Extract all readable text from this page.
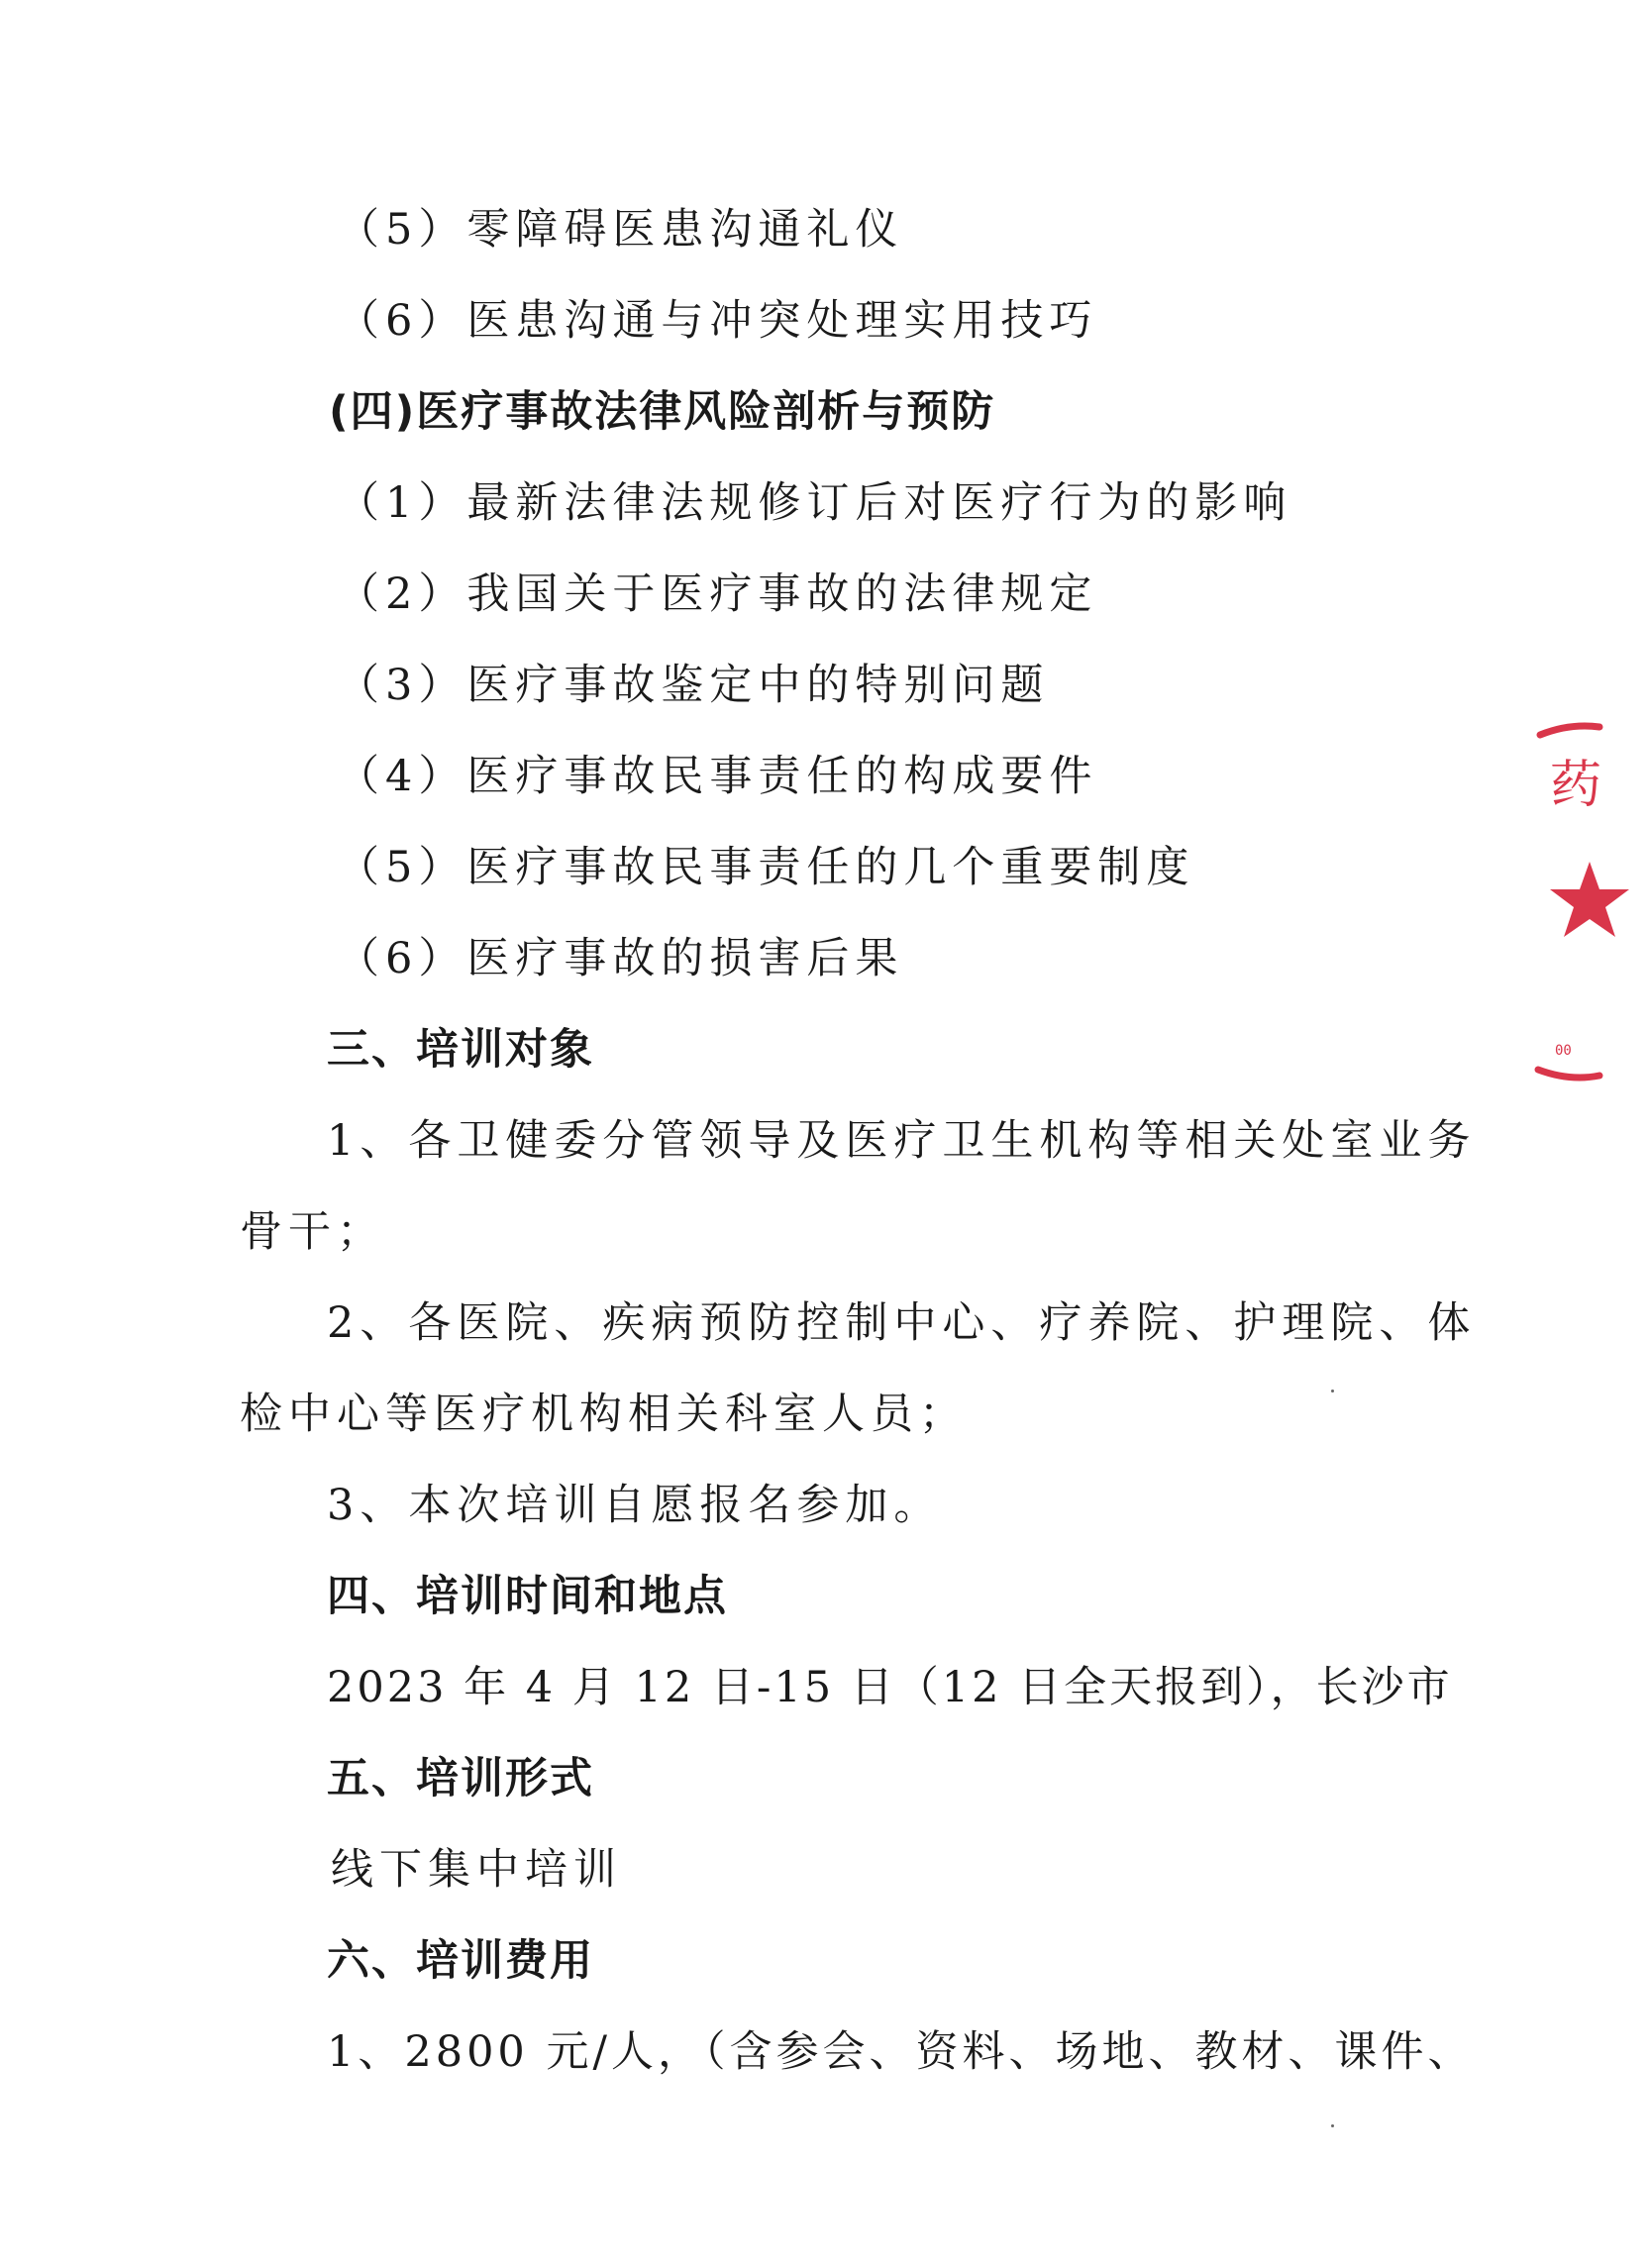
（5）零障碍医患沟通礼仪
（6）医患沟通与冲突处理实用技巧
(四)医疗事故法律风险剖析与预防
（1）最新法律法规修订后对医疗行为的影响
（2）我国关于医疗事故的法律规定
（3）医疗事故鉴定中的特别问题
（4）医疗事故民事责任的构成要件
（5）医疗事故民事责任的几个重要制度
（6）医疗事故的损害后果
三、培训对象
1、各卫健委分管领导及医疗卫生机构等相关处室业务
骨干；
2、各医院、疾病预防控制中心、疗养院、护理院、体
检中心等医疗机构相关科室人员；
3、本次培训自愿报名参加。
四、培训时间和地点
2023 年 4 月 12 日-15 日（12 日全天报到），长沙市
五、培训形式
线下集中培训
六、培训费用
1、2800 元/人，（含参会、资料、场地、教材、课件、
药
00
